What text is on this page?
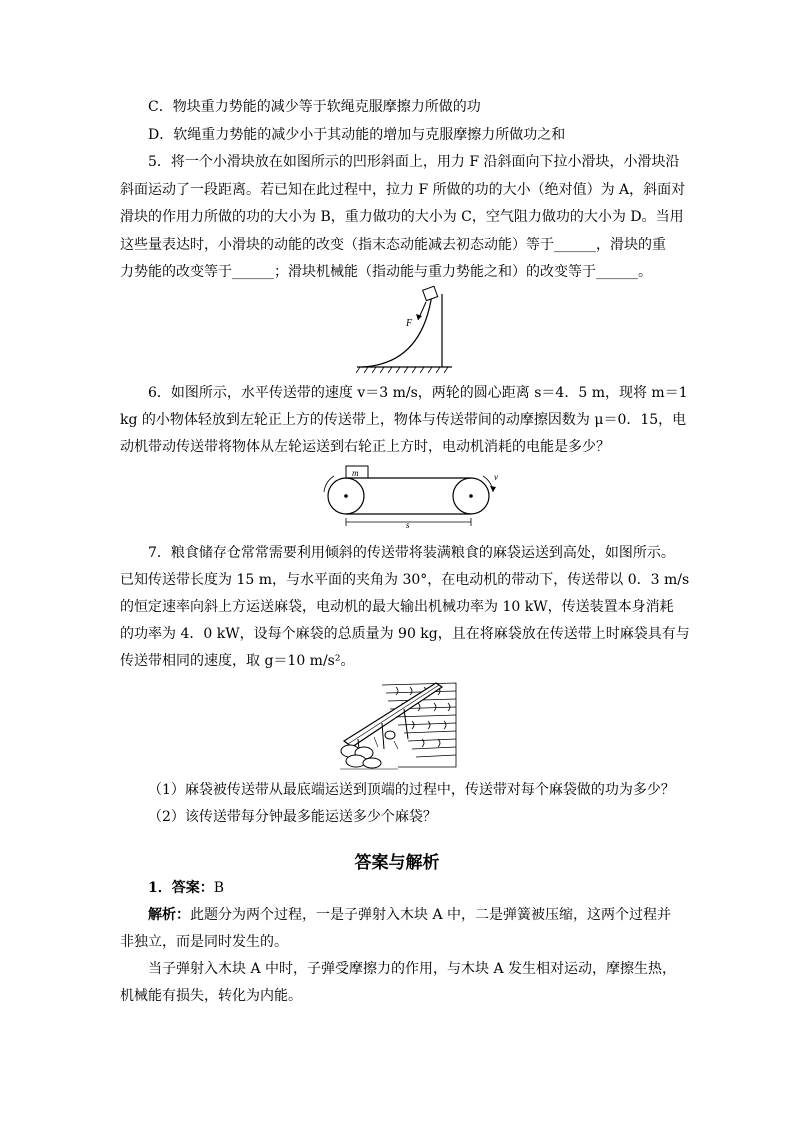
C．物块重力势能的减少等于软绳克服摩擦力所做的功
D．软绳重力势能的减少小于其动能的增加与克服摩擦力所做功之和
5．将一个小滑块放在如图所示的凹形斜面上，用力 F 沿斜面向下拉小滑块，小滑块沿
斜面运动了一段距离。若已知在此过程中，拉力 F 所做的功的大小（绝对值）为 A，斜面对
滑块的作用力所做的功的大小为 B，重力做功的大小为 C，空气阻力做功的大小为 D。当用
这些量表达时，小滑块的动能的改变（指末态动能减去初态动能）等于______，滑块的重
力势能的改变等于______；滑块机械能（指动能与重力势能之和）的改变等于______。
F
6．如图所示，水平传送带的速度 v＝3 m/s，两轮的圆心距离 s＝4．5 m，现将 m＝1
kg 的小物体轻放到左轮正上方的传送带上，物体与传送带间的动摩擦因数为 μ＝0．15，电
动机带动传送带将物体从左轮运送到右轮正上方时，电动机消耗的电能是多少？
m	v
s
7．粮食储存仓常常需要利用倾斜的传送带将装满粮食的麻袋运送到高处，如图所示。
已知传送带长度为 15 m，与水平面的夹角为 30°，在电动机的带动下，传送带以 0．3 m/s
的恒定速率向斜上方运送麻袋，电动机的最大输出机械功率为 10 kW，传送装置本身消耗
的功率为 4．0 kW，设每个麻袋的总质量为 90 kg，且在将麻袋放在传送带上时麻袋具有与
传送带相同的速度，取 g＝10 m/s²。
（1）麻袋被传送带从最底端运送到顶端的过程中，传送带对每个麻袋做的功为多少？
（2）该传送带每分钟最多能运送多少个麻袋？
答案与解析
1．答案：B
解析：此题分为两个过程，一是子弹射入木块 A 中，二是弹簧被压缩，这两个过程并
非独立，而是同时发生的。
当子弹射入木块 A 中时，子弹受摩擦力的作用，与木块 A 发生相对运动，摩擦生热，
机械能有损失，转化为内能。
